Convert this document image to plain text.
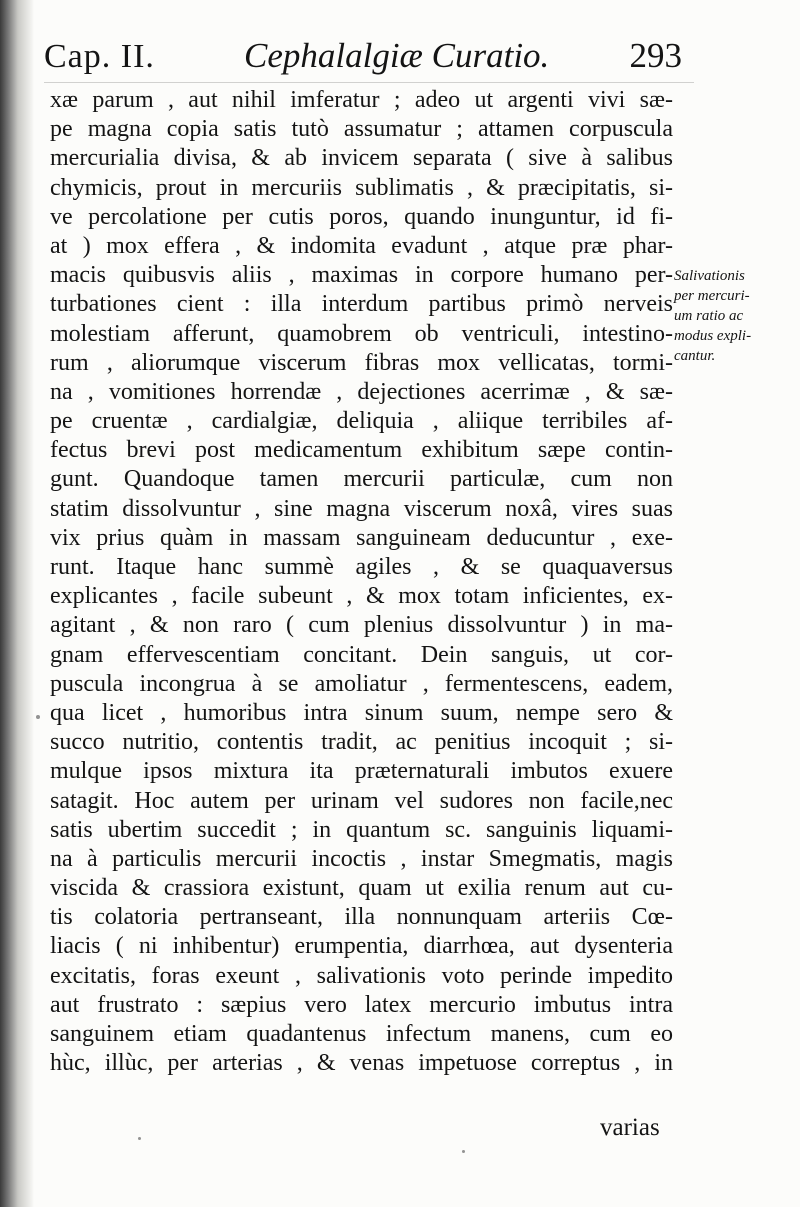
Cap. II.	Cephalalgiæ Curatio. 293
xæ parum , aut nihil imferatur ; adeo ut argenti vivi sæ-
pe magna copia satis tutò assumatur ; attamen corpuscula
mercurialia divisa, & ab invicem separata ( sive à salibus
chymicis, prout in mercuriis sublimatis , & præcipitatis, si-
ve percolatione per cutis poros, quando inunguntur, id fi-
at ) mox effera , & indomita evadunt , atque præ phar-
macis quibusvis aliis , maximas in corpore humano per-
turbationes cient : illa interdum partibus primò nerveis
molestiam afferunt, quamobrem ob ventriculi, intestino-
rum , aliorumque viscerum fibras mox vellicatas, tormi-
na , vomitiones horrendæ , dejectiones acerrimæ , & sæ-
pe cruentæ , cardialgiæ, deliquia , aliique terribiles af-
fectus brevi post medicamentum exhibitum sæpe contin-
gunt. Quandoque tamen mercurii particulæ, cum non
statim dissolvuntur , sine magna viscerum noxâ, vires suas
vix prius quàm in massam sanguineam deducuntur , exe-
runt. Itaque hanc summè agiles , & se quaquaversus
explicantes , facile subeunt , & mox totam inficientes, ex-
agitant , & non raro ( cum plenius dissolvuntur ) in ma-
gnam effervescentiam concitant. Dein sanguis, ut cor-
puscula incongrua à se amoliatur , fermentescens, eadem,
qua licet , humoribus intra sinum suum, nempe sero &
succo nutritio, contentis tradit, ac penitius incoquit ; si-
mulque ipsos mixtura ita præternaturali imbutos exuere
satagit. Hoc autem per urinam vel sudores non facile,nec
satis ubertim succedit ; in quantum sc. sanguinis liquami-
na à particulis mercurii incoctis , instar Smegmatis, magis
viscida & crassiora existunt, quam ut exilia renum aut cu-
tis colatoria pertranseant, illa nonnunquam arteriis Cœ-
liacis ( ni inhibentur) erumpentia, diarrhœa, aut dysenteria
excitatis, foras exeunt , salivationis voto perinde impedito
aut frustrato : sæpius vero latex mercurio imbutus intra
sanguinem etiam quadantenus infectum manens, cum eo
hùc, illùc, per arterias , & venas impetuose correptus , in
Salivationis
per mercuri-
um ratio ac
modus expli-
cantur.
varias
